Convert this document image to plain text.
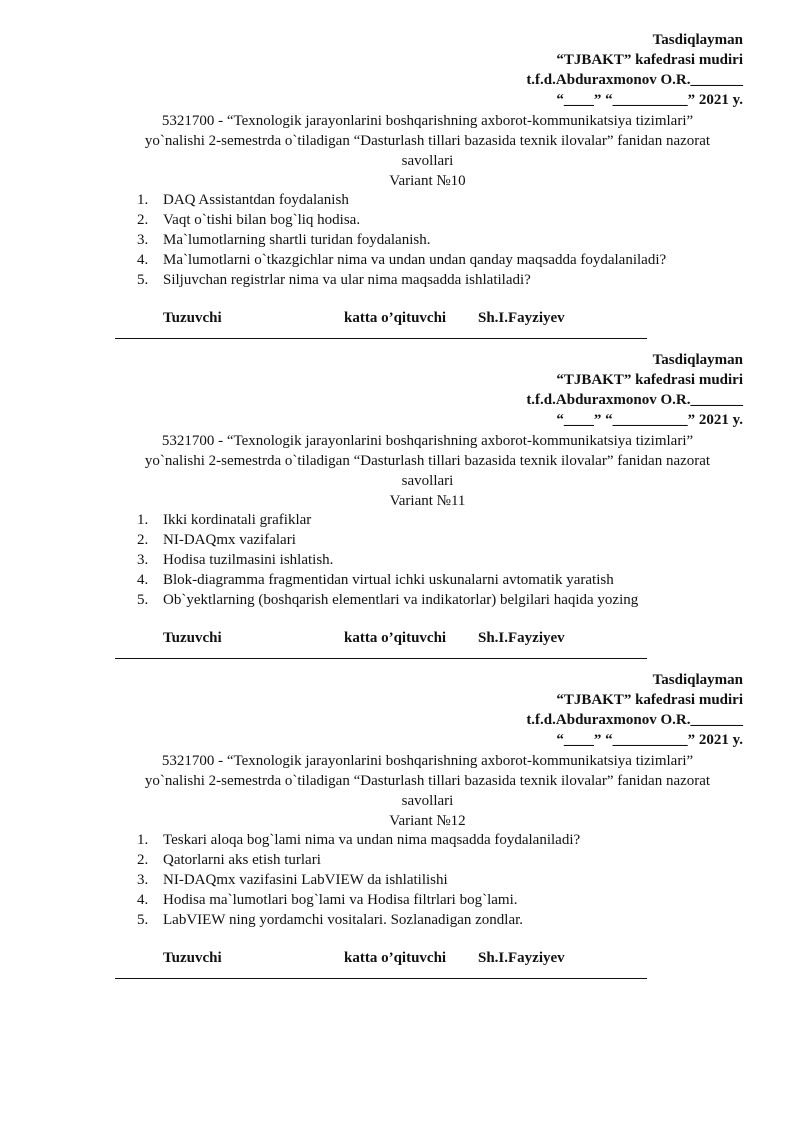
Tasdiqlayman
“TJBAKT” kafedrasi mudiri
t.f.d.Abduraxmonov O.R._______
“____” “__________” 2021 y.
5321700 - “Texnologik jarayonlarini boshqarishning axborot-kommunikatsiya tizimlari”
yo`nalishi 2-semestrda o`tiladigan “Dasturlash tillari bazasida texnik ilovalar” fanidan nazorat
savollari
Variant №10
1. DAQ Assistantdan foydalanish
2. Vaqt o`tishi bilan bog`liq hodisa.
3. Ma`lumotlarning shartli turidan foydalanish.
4. Ma`lumotlarni o`tkazgichlar nima va undan undan qanday maqsadda foydalaniladi?
5. Siljuvchan registrlar nima va ular nima maqsadda ishlatiladi?
Tuzuvchi	katta o’qituvchi Sh.I.Fayziyev
Tasdiqlayman
“TJBAKT” kafedrasi mudiri
t.f.d.Abduraxmonov O.R._______
“____” “__________” 2021 y.
5321700 - “Texnologik jarayonlarini boshqarishning axborot-kommunikatsiya tizimlari”
yo`nalishi 2-semestrda o`tiladigan “Dasturlash tillari bazasida texnik ilovalar” fanidan nazorat
savollari
Variant №11
1. Ikki kordinatali grafiklar
2. NI-DAQmx vazifalari
3. Hodisa tuzilmasini ishlatish.
4. Blok-diagramma fragmentidan virtual ichki uskunalarni avtomatik yaratish
5. Ob`yektlarning (boshqarish elementlari va indikatorlar) belgilari haqida yozing
Tuzuvchi	katta o’qituvchi Sh.I.Fayziyev
Tasdiqlayman
“TJBAKT” kafedrasi mudiri
t.f.d.Abduraxmonov O.R._______
“____” “__________” 2021 y.
5321700 - “Texnologik jarayonlarini boshqarishning axborot-kommunikatsiya tizimlari”
yo`nalishi 2-semestrda o`tiladigan “Dasturlash tillari bazasida texnik ilovalar” fanidan nazorat
savollari
Variant №12
1. Teskari aloqa bog`lami nima va undan nima maqsadda foydalaniladi?
2. Qatorlarni aks etish turlari
3. NI-DAQmx vazifasini LabVIEW da ishlatilishi
4. Hodisa ma`lumotlari bog`lami va Hodisa filtrlari bog`lami.
5. LabVIEW ning yordamchi vositalari. Sozlanadigan zondlar.
Tuzuvchi	katta o’qituvchi Sh.I.Fayziyev
